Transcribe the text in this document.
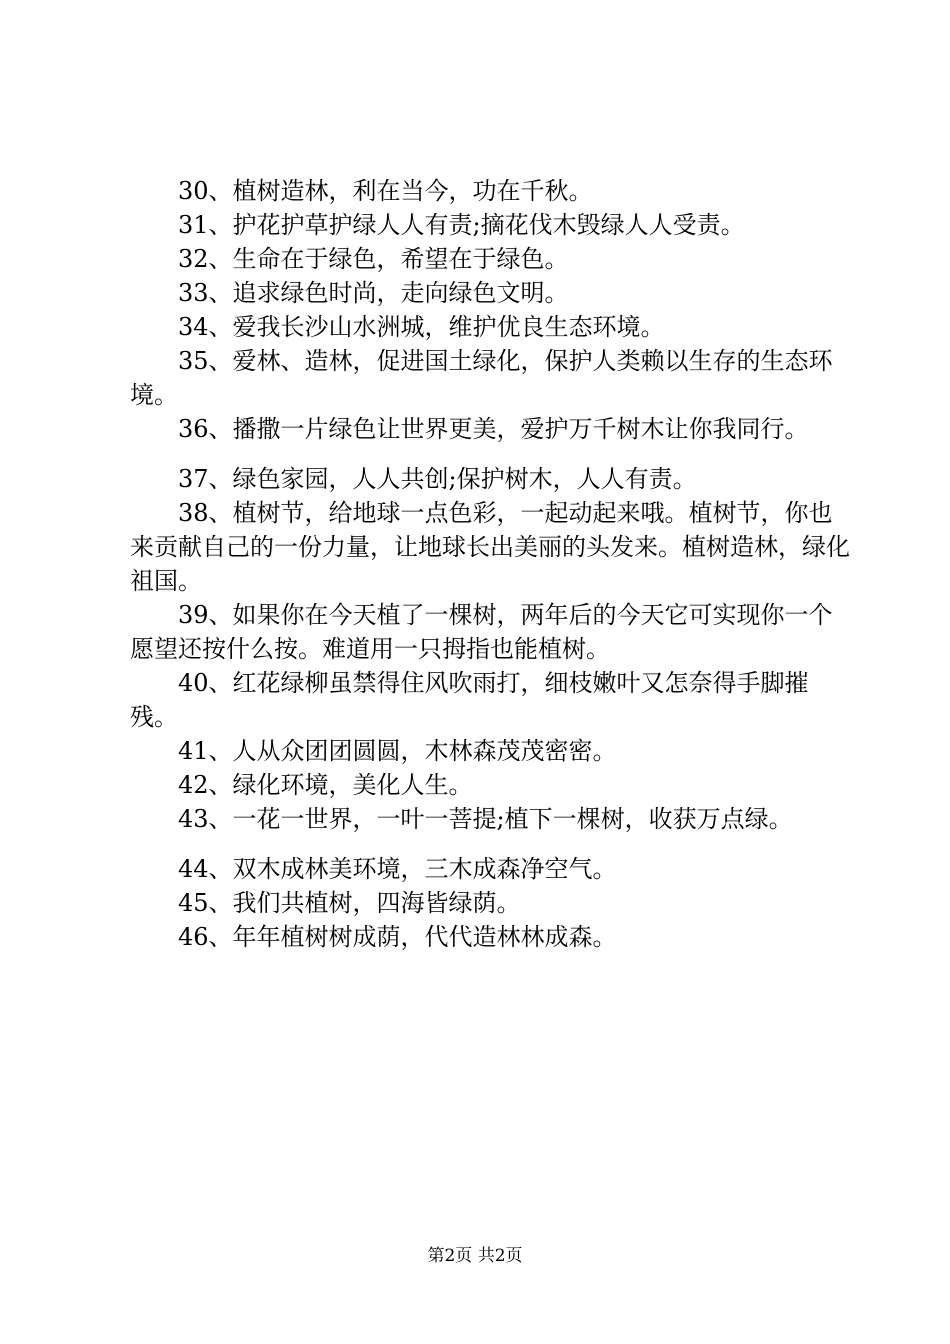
30、植树造林，利在当今，功在千秋。

31、护花护草护绿人人有责;摘花伐木毁绿人人受责。

32、生命在于绿色，希望在于绿色。

33、追求绿色时尚，走向绿色文明。

34、爱我长沙山水洲城，维护优良生态环境。

35、爱林、造林，促进国土绿化，保护人类赖以生存的生态环境。

36、播撒一片绿色让世界更美，爱护万千树木让你我同行。

37、绿色家园，人人共创;保护树木，人人有责。

38、植树节，给地球一点色彩，一起动起来哦。植树节，你也来贡献自己的一份力量，让地球长出美丽的头发来。植树造林，绿化祖国。

39、如果你在今天植了一棵树，两年后的今天它可实现你一个愿望还按什么按。难道用一只拇指也能植树。

40、红花绿柳虽禁得住风吹雨打，细枝嫩叶又怎奈得手脚摧残。

41、人从众团团圆圆，木林森茂茂密密。

42、绿化环境，美化人生。

43、一花一世界，一叶一菩提;植下一棵树，收获万点绿。

44、双木成林美环境，三木成森净空气。

45、我们共植树，四海皆绿荫。

46、年年植树树成荫，代代造林林成森。

第2页 共2页
